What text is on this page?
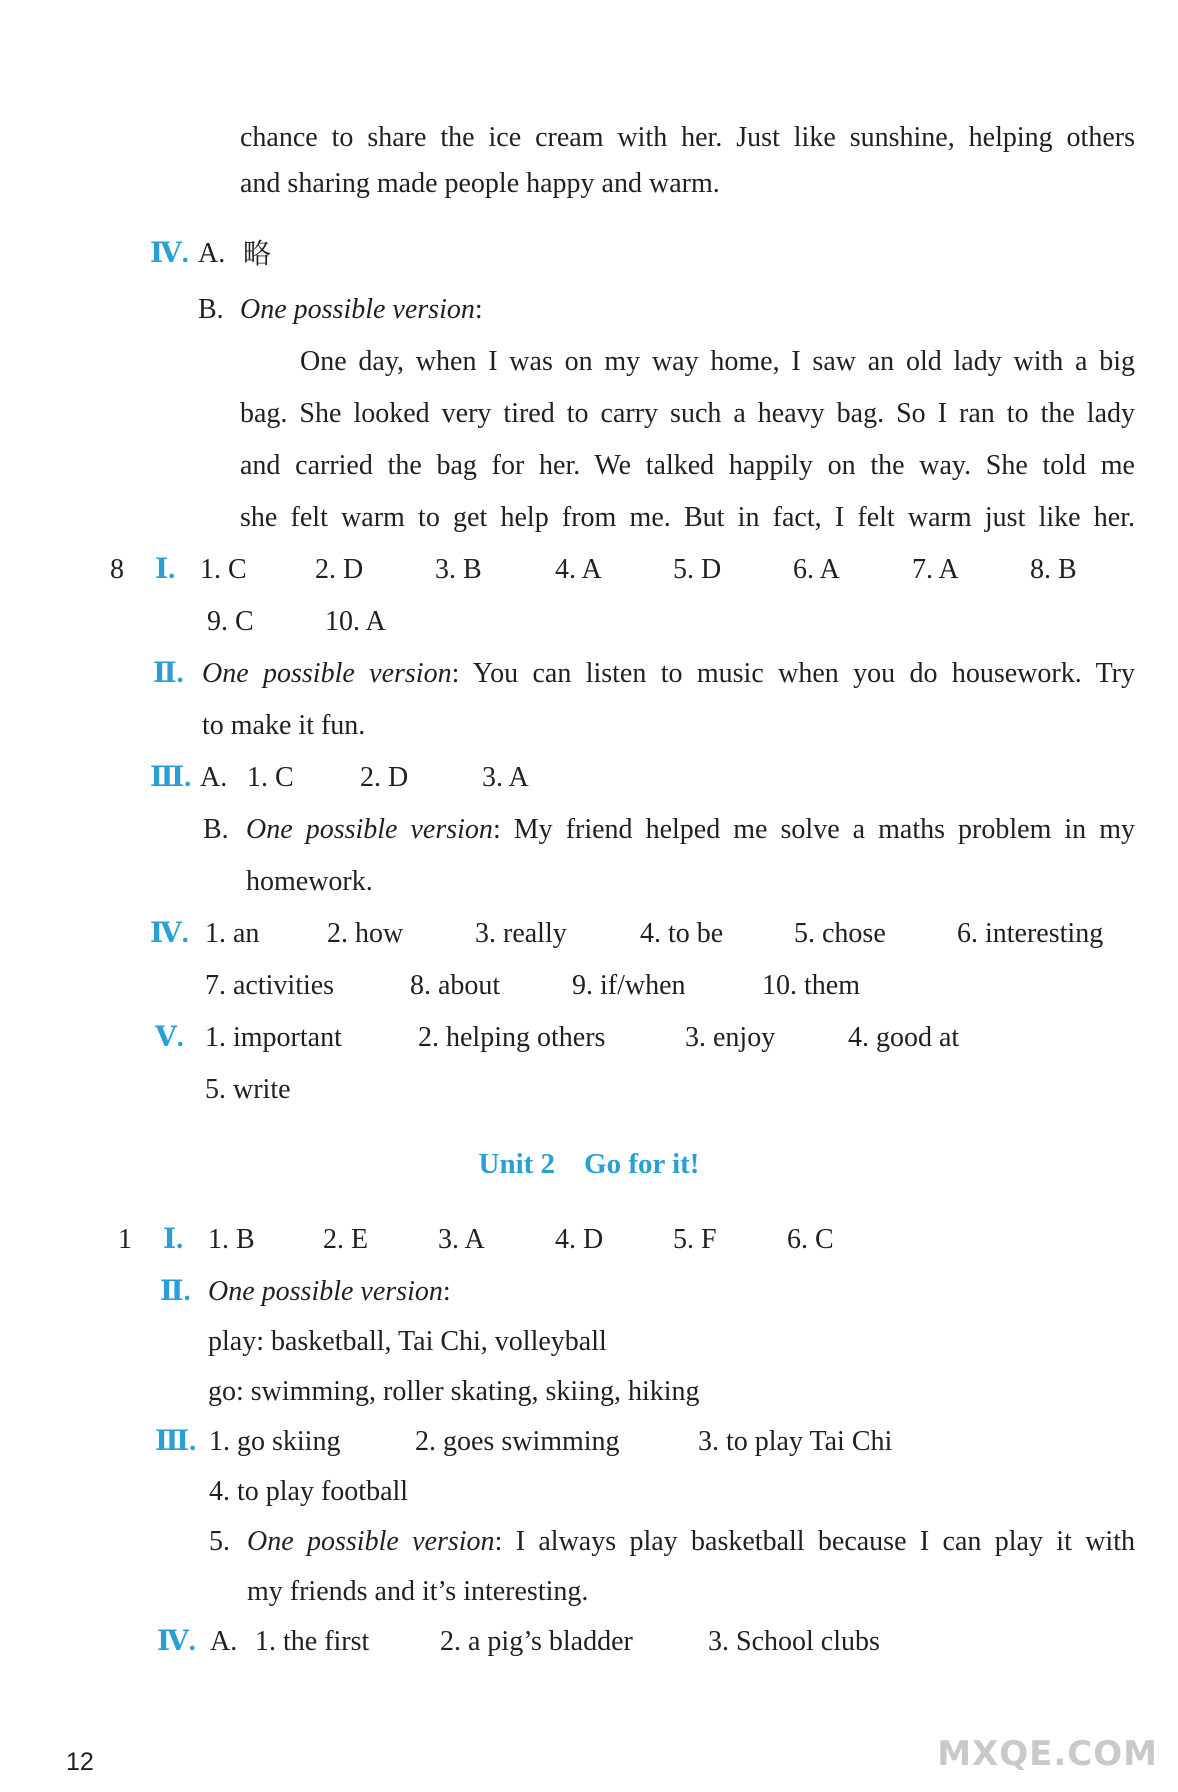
chance to share the ice cream with her. Just like sunshine, helping others
and sharing made people happy and warm.
Ⅳ. A. 略
B. One possible version:
One day, when I was on my way home, I saw an old lady with a big
bag. She looked very tired to carry such a heavy bag. So I ran to the lady
and carried the bag for her. We talked happily on the way. She told me
she felt warm to get help from me. But in fact, I felt warm just like her.
8 Ⅰ. 1. C 2. D	3. B	4. A	5. D	6. A	7. A	8. B
9. C	10. A
Ⅱ. One possible version: You can listen to music when you do housework. Try
to make it fun.
Ⅲ. A. 1. C 2. D	3. A
B. One possible version: My friend helped me solve a maths problem in my
homework.
Ⅳ. 1. an 2. how	3. really	4. to be	5. chose	6. interesting
7. activities	8. about	9. if/when	10. them
Ⅴ. 1. important	2. helping others	3. enjoy	4. good at
5. write
Unit 2    Go for it!
1 Ⅰ. 1. B 2. E 3. A	4. D 5. F	6. C
Ⅱ. One possible version:
play: basketball, Tai Chi, volleyball
go: swimming, roller skating, skiing, hiking
Ⅲ. 1. go skiing	2. goes swimming	3. to play Tai Chi
4. to play football
5. One possible version: I always play basketball because I can play it with
my friends and it’s interesting.
Ⅳ. A. 1. the first	2. a pig’s bladder	3. School clubs
12	MXQE.COM
